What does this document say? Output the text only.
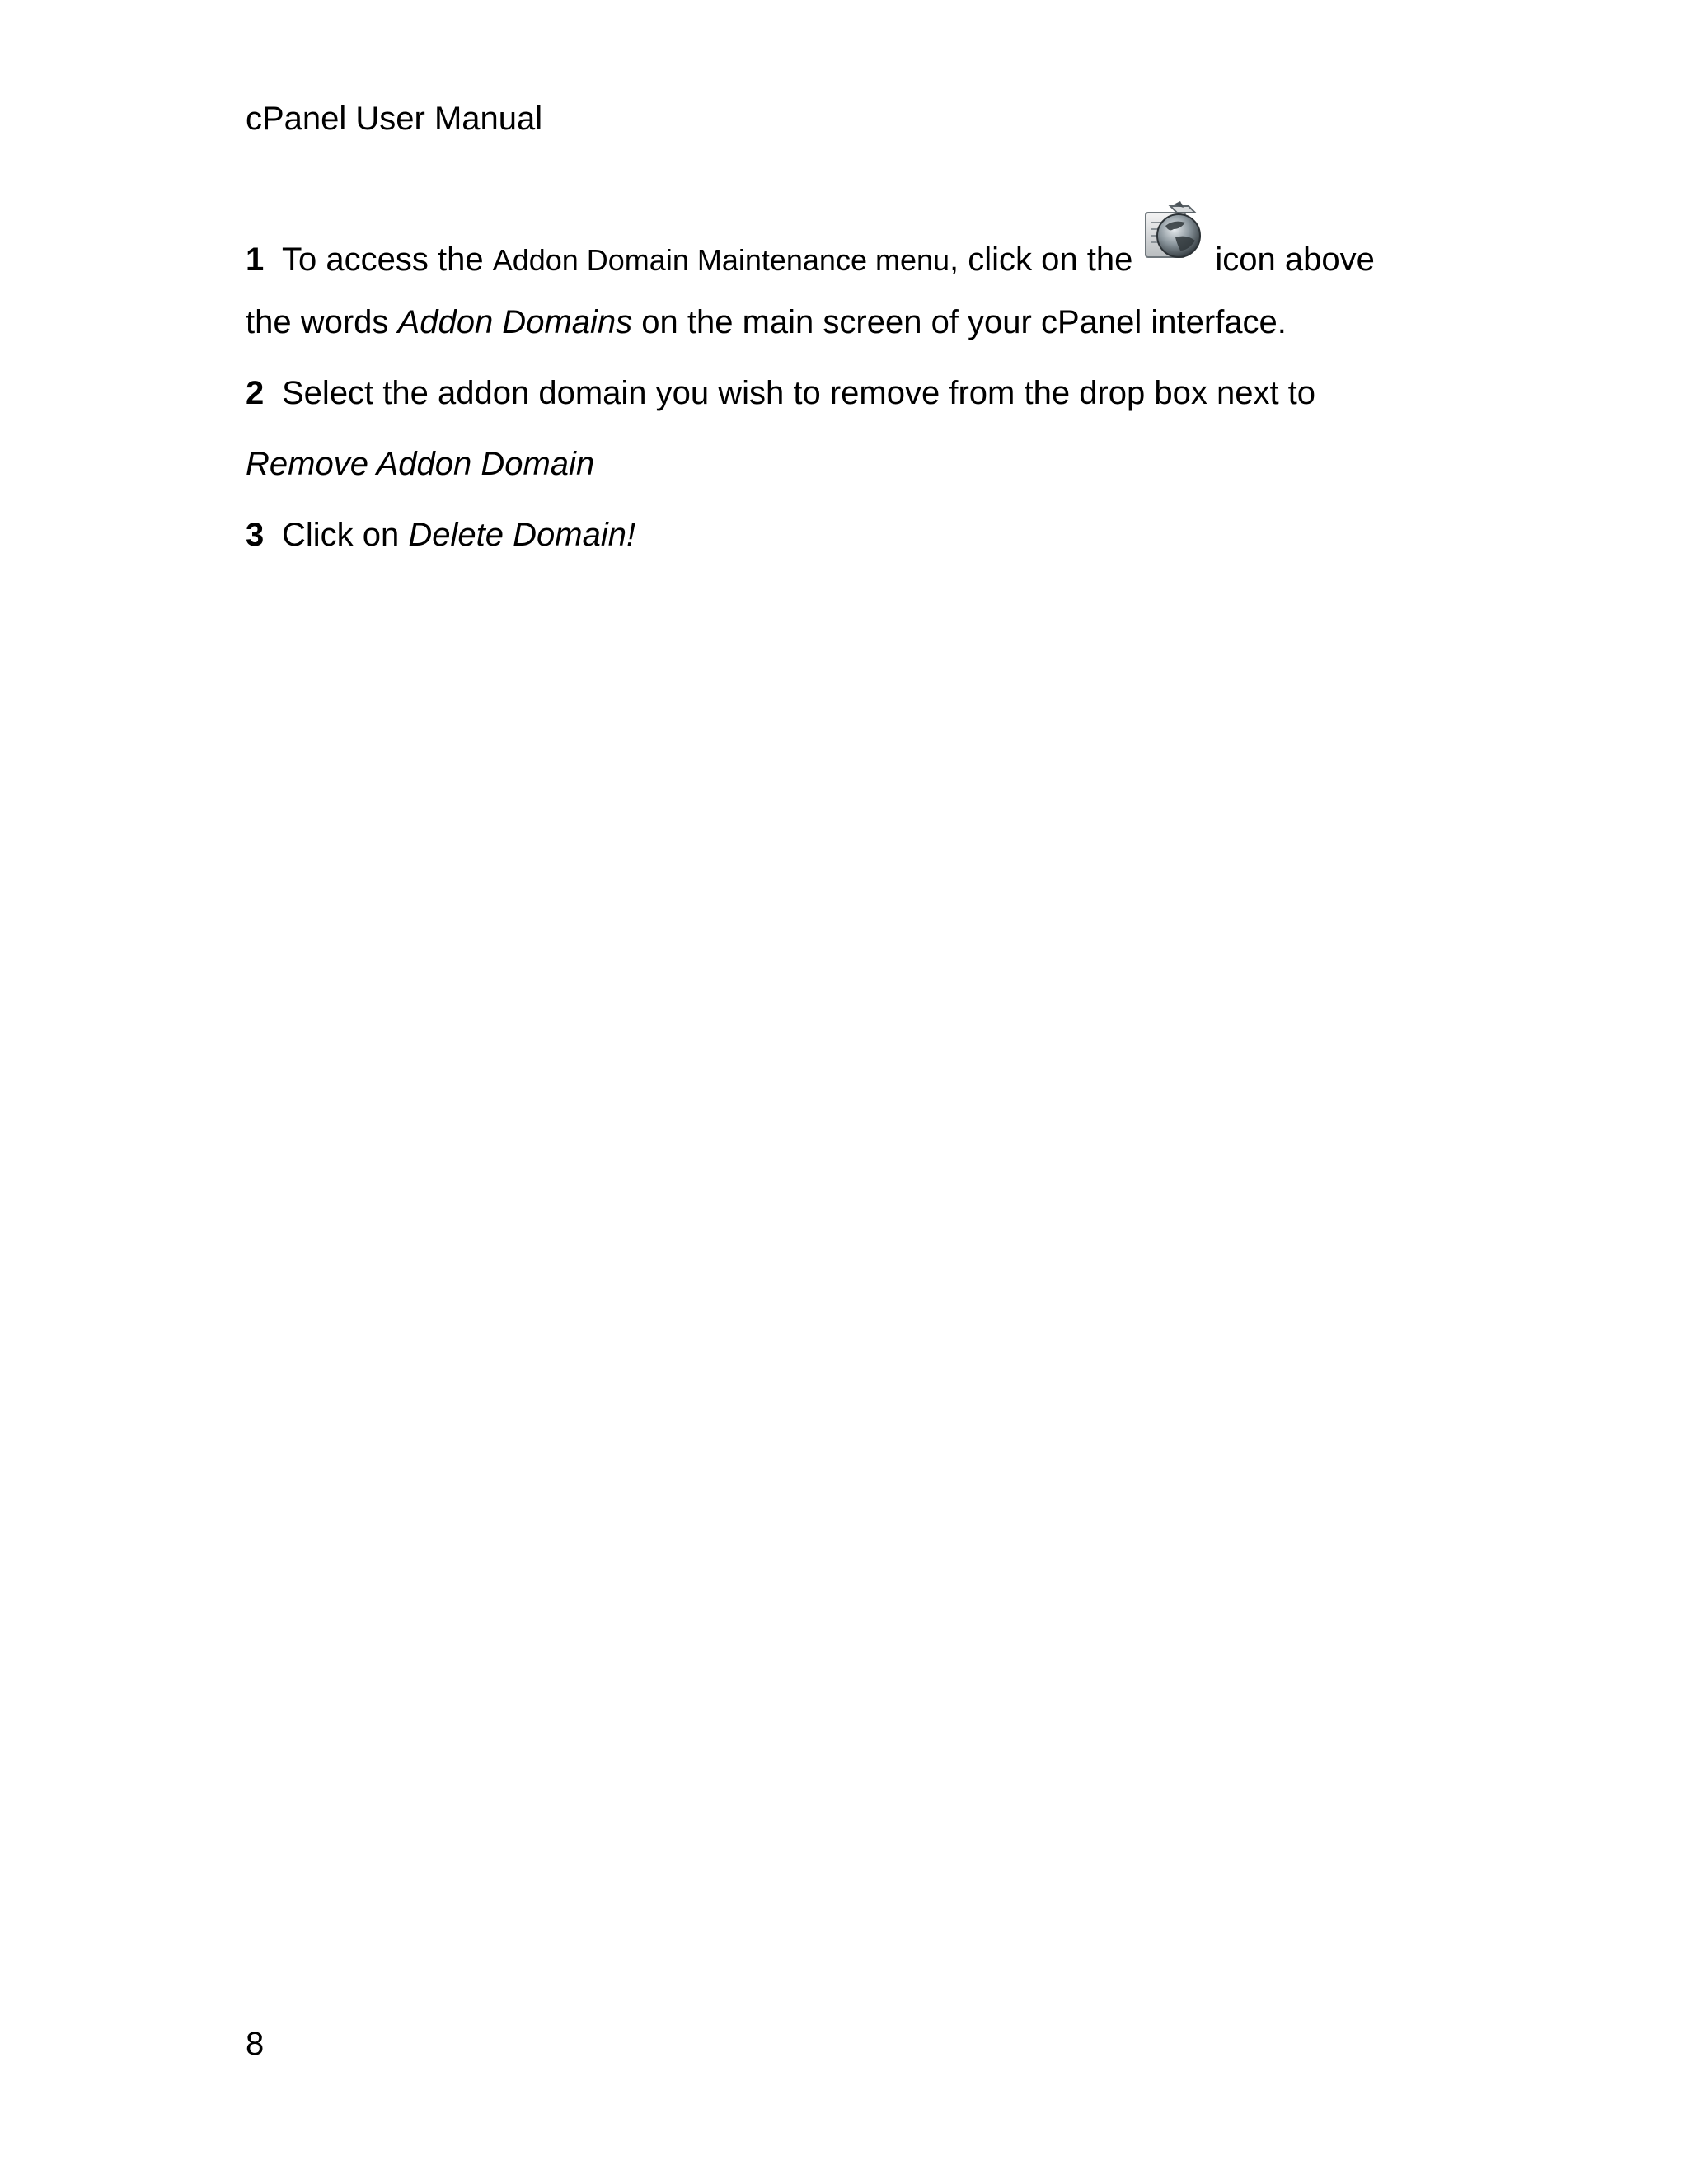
cPanel User Manual
1 To access the Addon Domain Maintenance menu, click on the	icon above
the words Addon Domains on the main screen of your cPanel interface.
2 Select the addon domain you wish to remove from the drop box next to
Remove Addon Domain
3 Click on Delete Domain!
8
